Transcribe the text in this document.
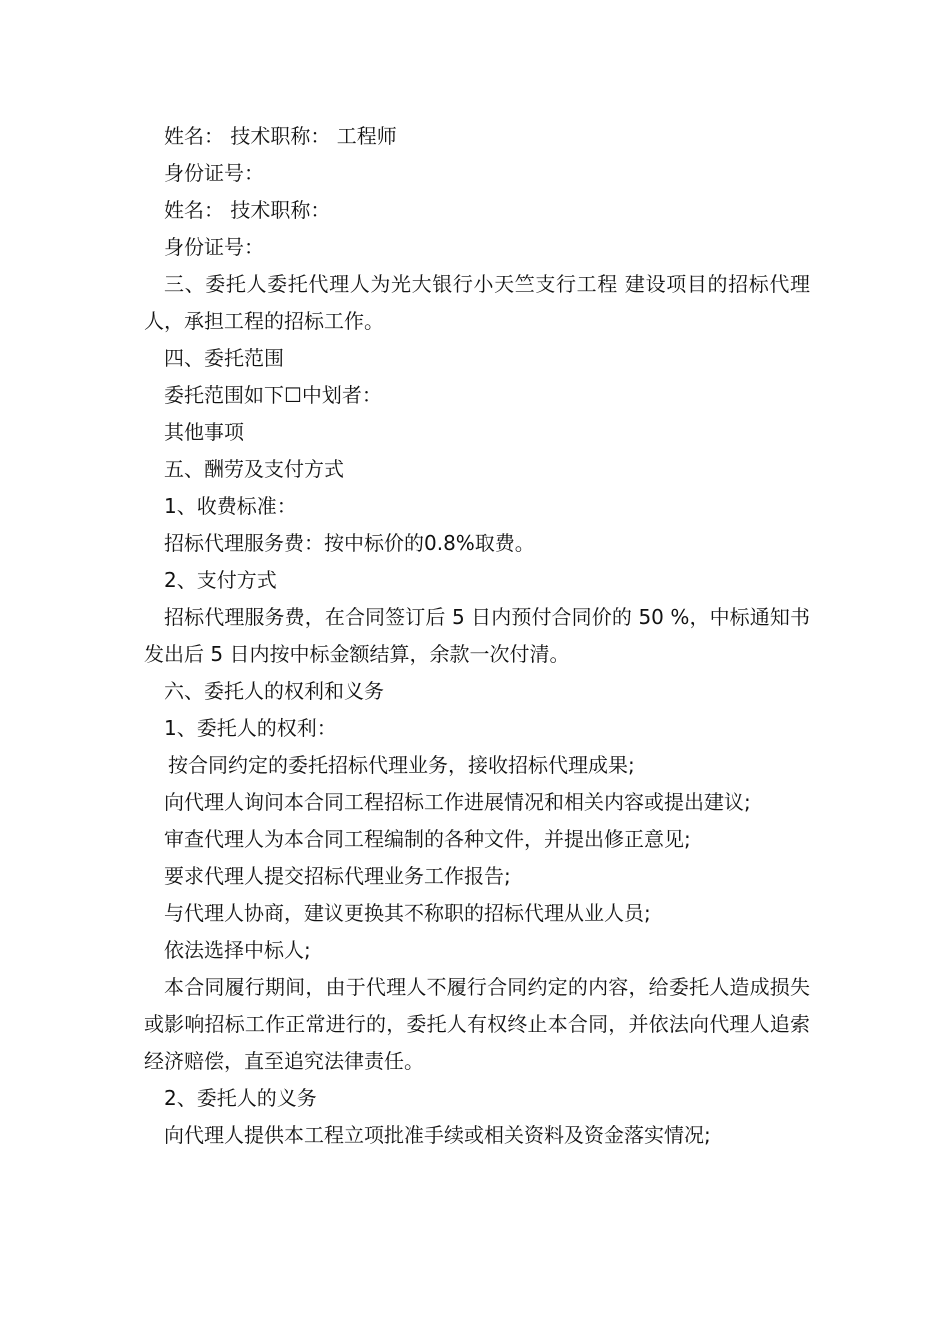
姓名： 技术职称： 工程师

身份证号：

姓名： 技术职称：

身份证号：

三、委托人委托代理人为光大银行小天竺支行工程 建设项目的招标代理人，承担工程的招标工作。

四、委托范围

委托范围如下☐中划者：

其他事项

五、酬劳及支付方式

1、收费标准：

招标代理服务费：按中标价的0.8%取费。

2、支付方式

招标代理服务费，在合同签订后 5 日内预付合同价的 50 %，中标通知书发出后 5 日内按中标金额结算，余款一次付清。

六、委托人的权利和义务

1、委托人的权利：

按合同约定的委托招标代理业务，接收招标代理成果;

向代理人询问本合同工程招标工作进展情况和相关内容或提出建议;

审查代理人为本合同工程编制的各种文件，并提出修正意见;

要求代理人提交招标代理业务工作报告;

与代理人协商，建议更换其不称职的招标代理从业人员;

依法选择中标人;

本合同履行期间，由于代理人不履行合同约定的内容，给委托人造成损失或影响招标工作正常进行的，委托人有权终止本合同，并依法向代理人追索经济赔偿，直至追究法律责任。

2、委托人的义务

向代理人提供本工程立项批准手续或相关资料及资金落实情况;
